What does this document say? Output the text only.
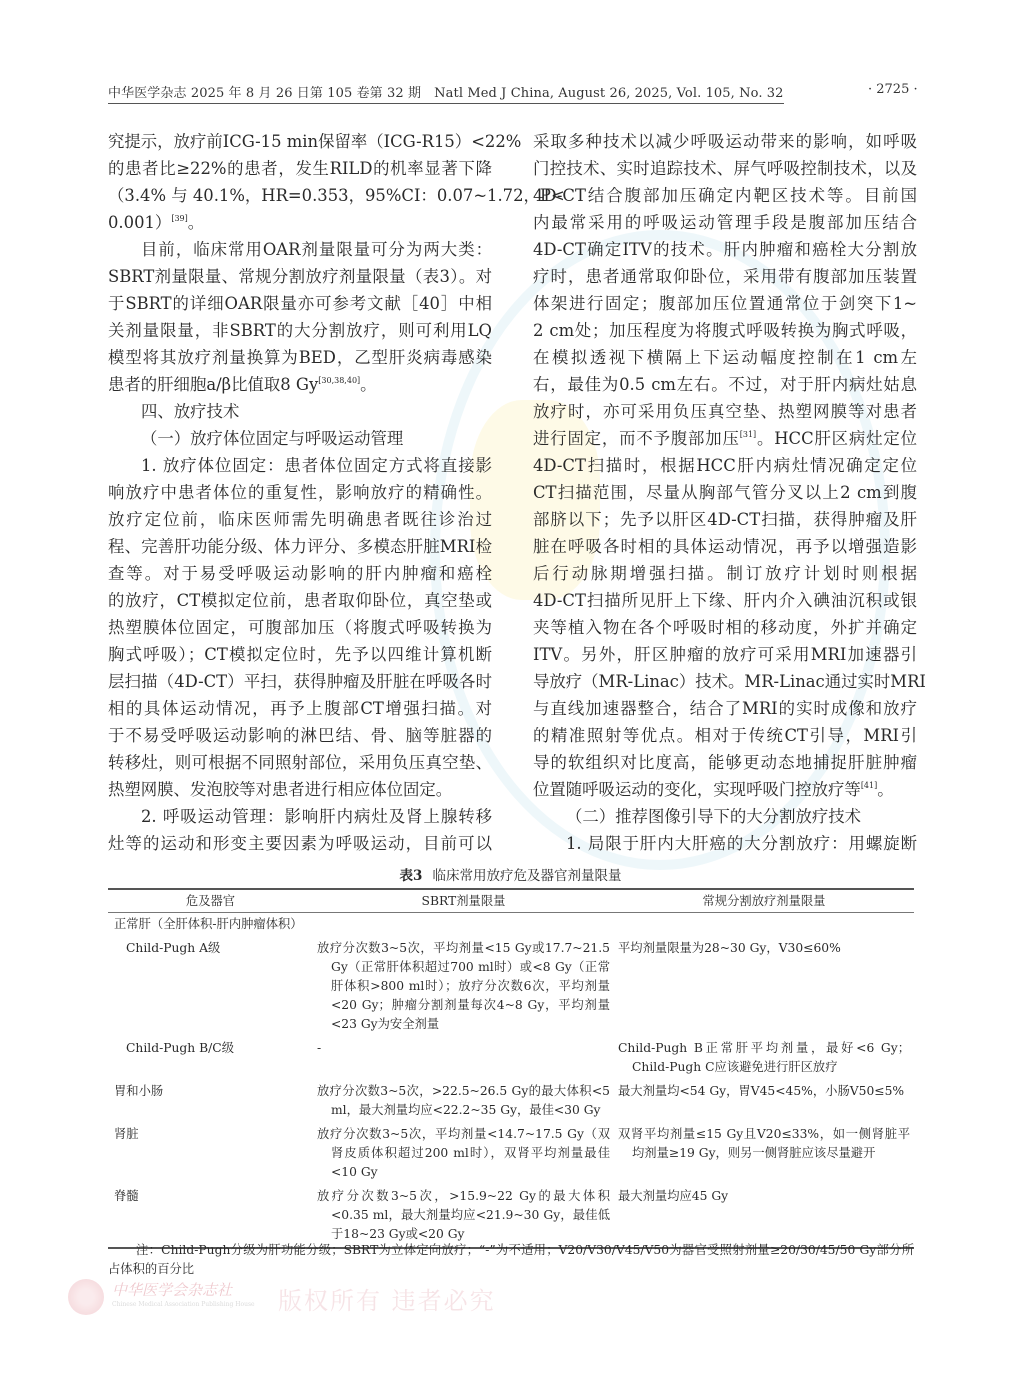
中华医学杂志 2025 年 8 月 26 日第 105 卷第 32 期　Natl Med J China, August 26, 2025, Vol. 105, No. 32	· 2725 ·
究提示，放疗前ICG-15 min保留率（ICG-R15）<22%
的患者比≥22%的患者，发生RILD的机率显著下降
（3.4% 与 40.1%，HR=0.353，95%CI：0.07~1.72，P<
0.001）[39]。
目前，临床常用OAR剂量限量可分为两大类：
SBRT剂量限量、常规分割放疗剂量限量（表3）。对
于SBRT的详细OAR限量亦可参考文献［40］中相
关剂量限量，非SBRT的大分割放疗，则可利用LQ
模型将其放疗剂量换算为BED，乙型肝炎病毒感染
患者的肝细胞a/β比值取8 Gy[30,38,40]。
四、放疗技术
（一）放疗体位固定与呼吸运动管理
1. 放疗体位固定：患者体位固定方式将直接影
响放疗中患者体位的重复性，影响放疗的精确性。
放疗定位前，临床医师需先明确患者既往诊治过
程、完善肝功能分级、体力评分、多模态肝脏MRI检
查等。对于易受呼吸运动影响的肝内肿瘤和癌栓
的放疗，CT模拟定位前，患者取仰卧位，真空垫或
热塑膜体位固定，可腹部加压（将腹式呼吸转换为
胸式呼吸）；CT模拟定位时，先予以四维计算机断
层扫描（4D-CT）平扫，获得肿瘤及肝脏在呼吸各时
相的具体运动情况，再予上腹部CT增强扫描。对
于不易受呼吸运动影响的淋巴结、骨、脑等脏器的
转移灶，则可根据不同照射部位，采用负压真空垫、
热塑网膜、发泡胶等对患者进行相应体位固定。
2. 呼吸运动管理：影响肝内病灶及肾上腺转移
灶等的运动和形变主要因素为呼吸运动，目前可以
采取多种技术以减少呼吸运动带来的影响，如呼吸
门控技术、实时追踪技术、屏气呼吸控制技术，以及
4D-CT结合腹部加压确定内靶区技术等。目前国
内最常采用的呼吸运动管理手段是腹部加压结合
4D-CT确定ITV的技术。肝内肿瘤和癌栓大分割放
疗时，患者通常取仰卧位，采用带有腹部加压装置
体架进行固定；腹部加压位置通常位于剑突下1~
2 cm处；加压程度为将腹式呼吸转换为胸式呼吸，
在模拟透视下横隔上下运动幅度控制在1 cm左
右，最佳为0.5 cm左右。不过，对于肝内病灶姑息
放疗时，亦可采用负压真空垫、热塑网膜等对患者
进行固定，而不予腹部加压[31]。HCC肝区病灶定位
4D-CT扫描时，根据HCC肝内病灶情况确定定位
CT扫描范围，尽量从胸部气管分叉以上2 cm到腹
部脐以下；先予以肝区4D-CT扫描，获得肿瘤及肝
脏在呼吸各时相的具体运动情况，再予以增强造影
后行动脉期增强扫描。制订放疗计划时则根据
4D-CT扫描所见肝上下缘、肝内介入碘油沉积或银
夹等植入物在各个呼吸时相的移动度，外扩并确定
ITV。另外，肝区肿瘤的放疗可采用MRI加速器引
导放疗（MR-Linac）技术。MR-Linac通过实时MRI
与直线加速器整合，结合了MRI的实时成像和放疗
的精准照射等优点。相对于传统CT引导，MRI引
导的软组织对比度高，能够更动态地捕捉肝脏肿瘤
位置随呼吸运动的变化，实现呼吸门控放疗等[41]。
（二）推荐图像引导下的大分割放疗技术
1. 局限于肝内大肝癌的大分割放疗：用螺旋断
表3 临床常用放疗危及器官剂量限量
危及器官	SBRT剂量限量	常规分割放疗剂量限量
正常肝（全肝体积-肝内肿瘤体积）		
Child-Pugh A级	放疗分次数3~5次，平均剂量<15 Gy或17.7~21.5 Gy（正常肝体积超过700 ml时）或<8 Gy（正常肝体积>800 ml时）；放疗分次数6次，平均剂量<20 Gy；肿瘤分割剂量每次4~8 Gy，平均剂量<23 Gy为安全剂量	平均剂量限量为28~30 Gy，V30≤60%
Child-Pugh B/C级	-	Child-Pugh B正常肝平均剂量，最好<6 Gy；Child-Pugh C应该避免进行肝区放疗
胃和小肠	放疗分次数3~5次，>22.5~26.5 Gy的最大体积<5 ml，最大剂量均应<22.2~35 Gy，最佳<30 Gy	最大剂量均<54 Gy，胃V45<45%，小肠V50≤5%
肾脏	放疗分次数3~5次，平均剂量<14.7~17.5 Gy（双肾皮质体积超过200 ml时），双肾平均剂量最佳<10 Gy	双肾平均剂量≤15 Gy且V20≤33%，如一侧肾脏平均剂量≥19 Gy，则另一侧肾脏应该尽量避开
脊髓	放疗分次数3~5次，>15.9~22 Gy的最大体积<0.35 ml，最大剂量均应<21.9~30 Gy，最佳低于18~23 Gy或<20 Gy	最大剂量均应45 Gy
注：Child-Pugh分级为肝功能分级；SBRT为立体定向放疗；“-”为不适用；V20/V30/V45/V50为器官受照射剂量≥20/30/45/50 Gy部分所占体积的百分比
中华医学会杂志社
Chinese Medical Association Publishing House 版权所有 违者必究
